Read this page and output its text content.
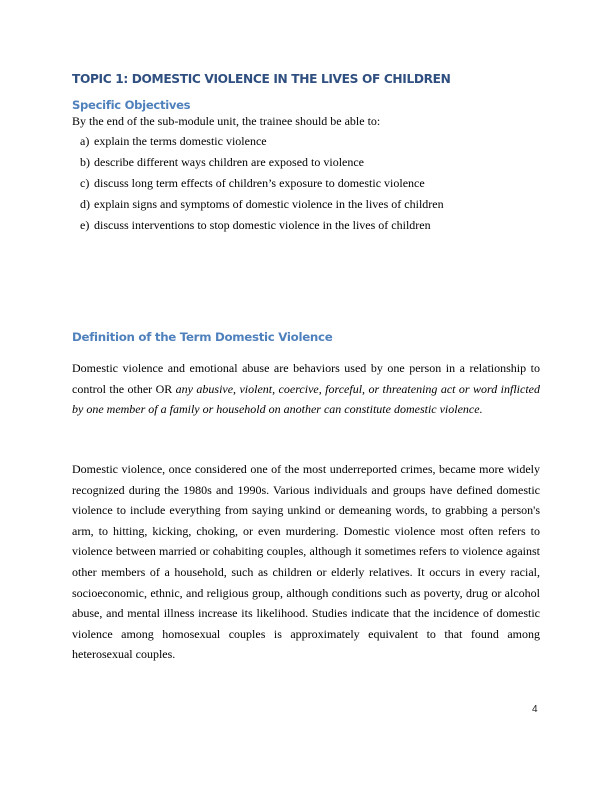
TOPIC 1: DOMESTIC VIOLENCE IN THE LIVES OF CHILDREN
Specific Objectives
By the end of the sub-module unit, the trainee should be able to:
a) explain the terms domestic violence
b) describe different ways children are exposed to violence
c) discuss long term effects of children’s exposure to domestic violence
d) explain signs and symptoms of domestic violence in the lives of children
e) discuss interventions to stop domestic violence in the lives of children
Definition of the Term Domestic Violence

Domestic violence and emotional abuse are behaviors used by one person in a relationship to control the other OR any abusive, violent, coercive, forceful, or threatening act or word inflicted by one member of a family or household on another can constitute domestic violence.

Domestic violence, once considered one of the most underreported crimes, became more widely recognized during the 1980s and 1990s. Various individuals and groups have defined domestic violence to include everything from saying unkind or demeaning words, to grabbing a person's arm, to hitting, kicking, choking, or even murdering. Domestic violence most often refers to violence between married or cohabiting couples, although it sometimes refers to violence against other members of a household, such as children or elderly relatives. It occurs in every racial, socioeconomic, ethnic, and religious group, although conditions such as poverty, drug or alcohol abuse, and mental illness increase its likelihood. Studies indicate that the incidence of domestic violence among homosexual couples is approximately equivalent to that found among heterosexual couples.

4
